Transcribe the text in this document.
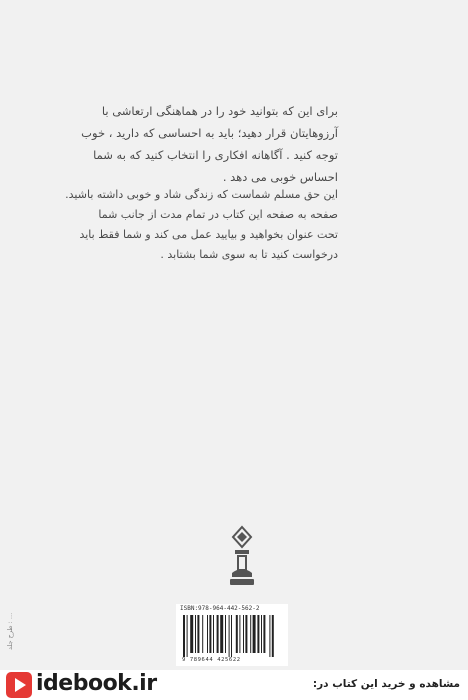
برای این که بتوانید خود را در هماهنگی ارتعاشی با
آرزوهایتان قرار دهید؛ باید به احساسی که دارید ، خوب
توجه کنید . آگاهانه افکاری را انتخاب کنید که به شما
احساس خوبی می دهد .
این حق مسلم شماست که زندگی شاد و خوبی داشته باشید.
صفحه به صفحه این کتاب در تمام مدت از جانب شما
تحت عنوان بخواهید و بیایید عمل می کند و شما فقط باید
درخواست کنید تا به سوی شما بشتابد .
طرح جلد : ...
ISBN:978-964-442-562-2
9 789644 425622
idebook.ir	مشاهده و خرید این کتاب در:
